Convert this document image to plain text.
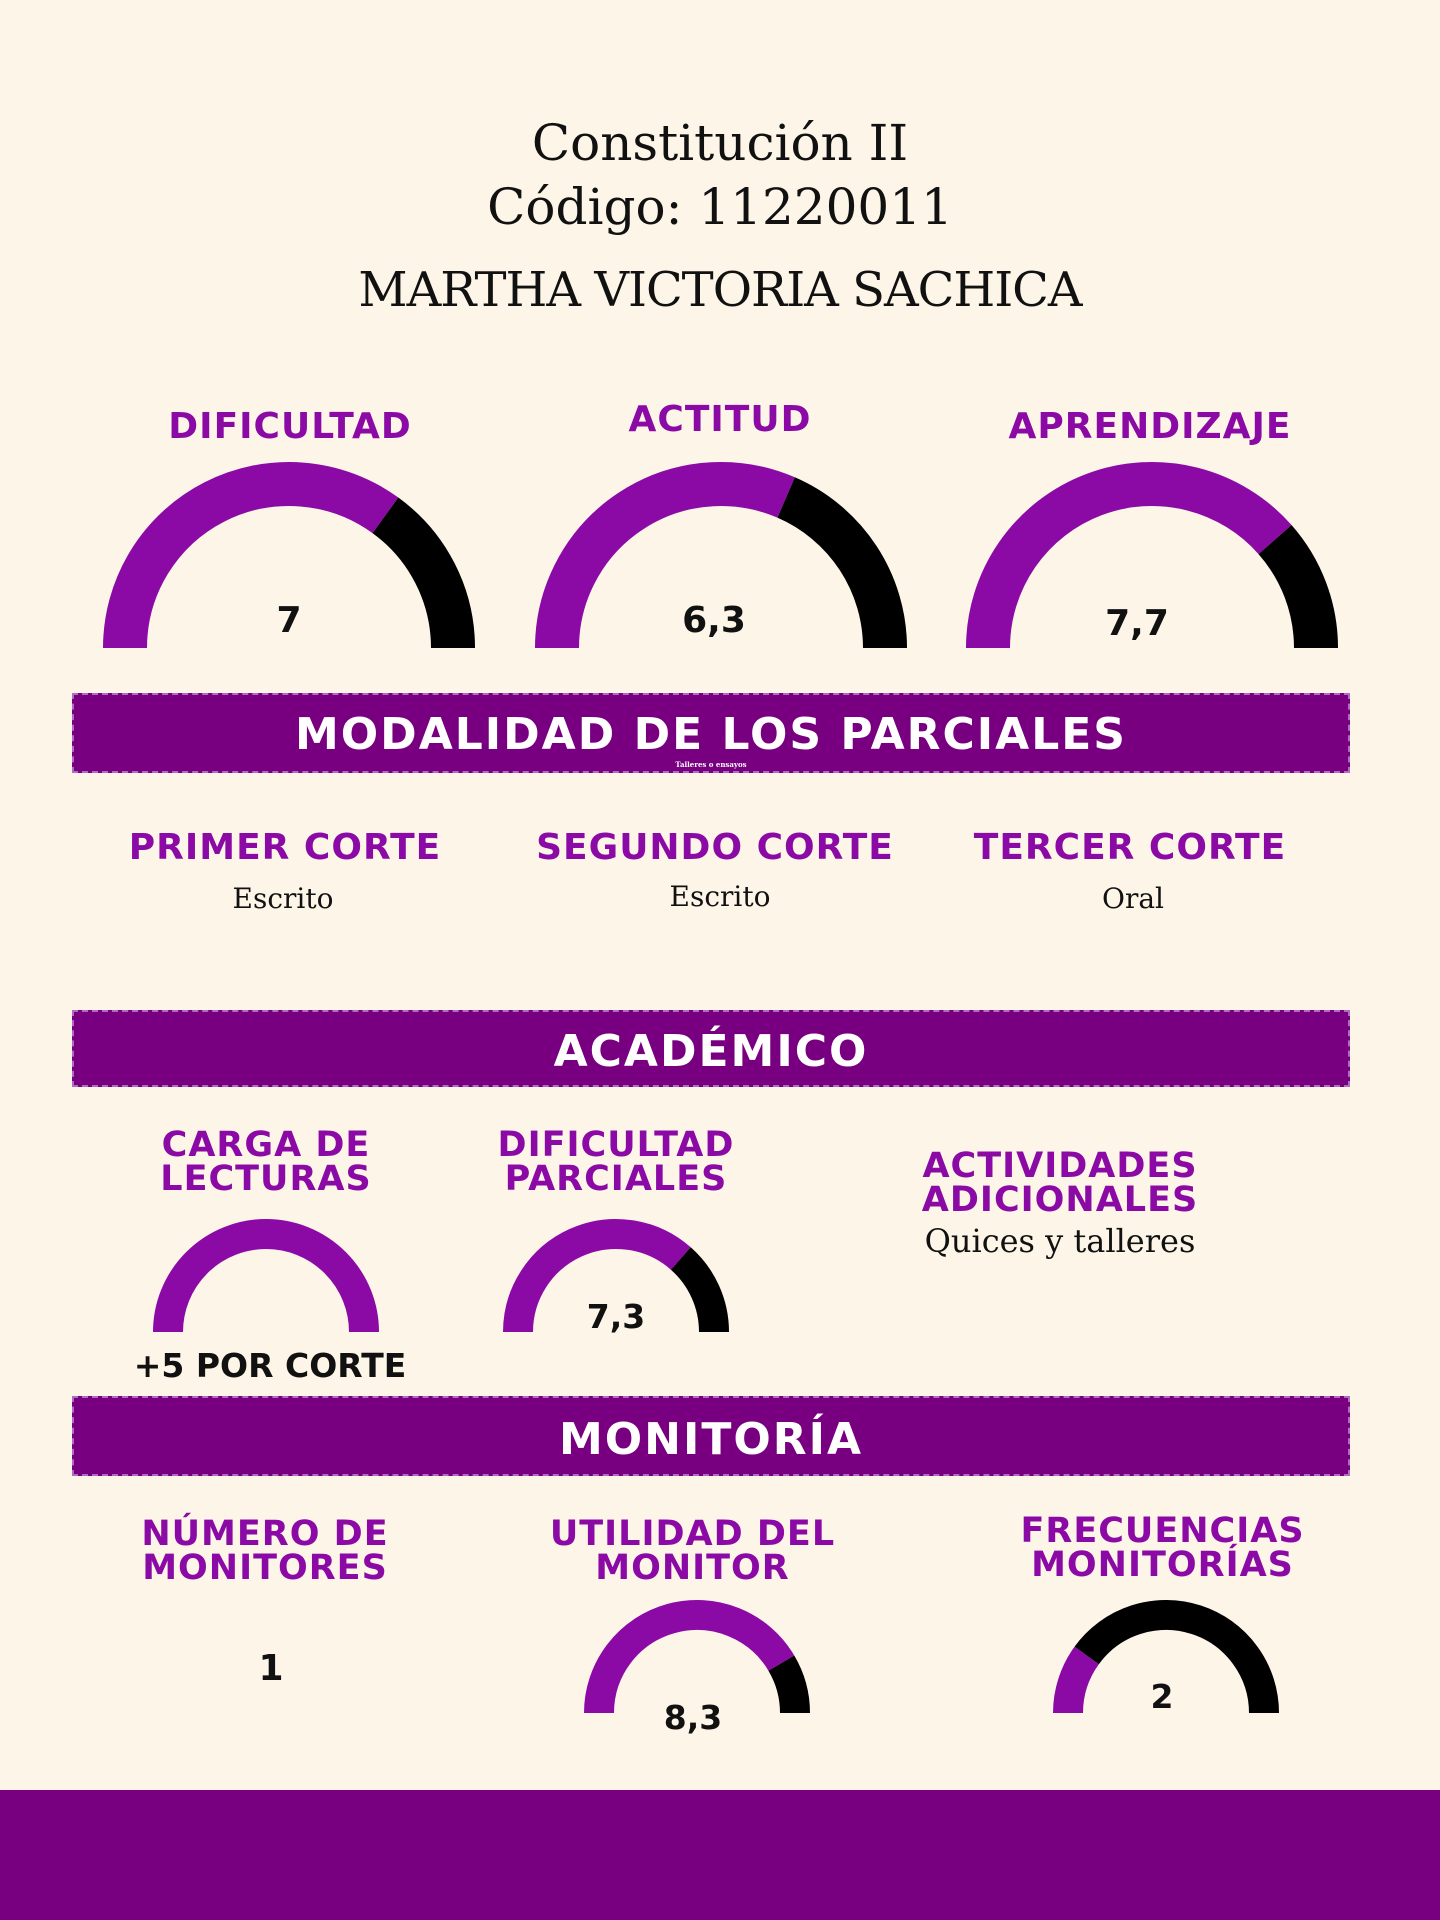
Constitución II
Código: 11220011
MARTHA VICTORIA SACHICA
DIFICULTAD	ACTITUD	APRENDIZAJE
7	6,3	7,7
MODALIDAD DE LOS PARCIALES
Talleres o ensayos
PRIMER CORTE	SEGUNDO CORTE	TERCER CORTE
Escrito	Escrito	Oral
ACADÉMICO
CARGA DE
LECTURAS
DIFICULTAD
PARCIALES	ACTIVIDADES ADICIONALES
Quices y talleres
+5 POR CORTE
7,3
MONITORÍA
NÚMERO DE
MONITORES
UTILIDAD DEL
MONITOR
FRECUENCIAS
MONITORÍAS
1
8,3
2
